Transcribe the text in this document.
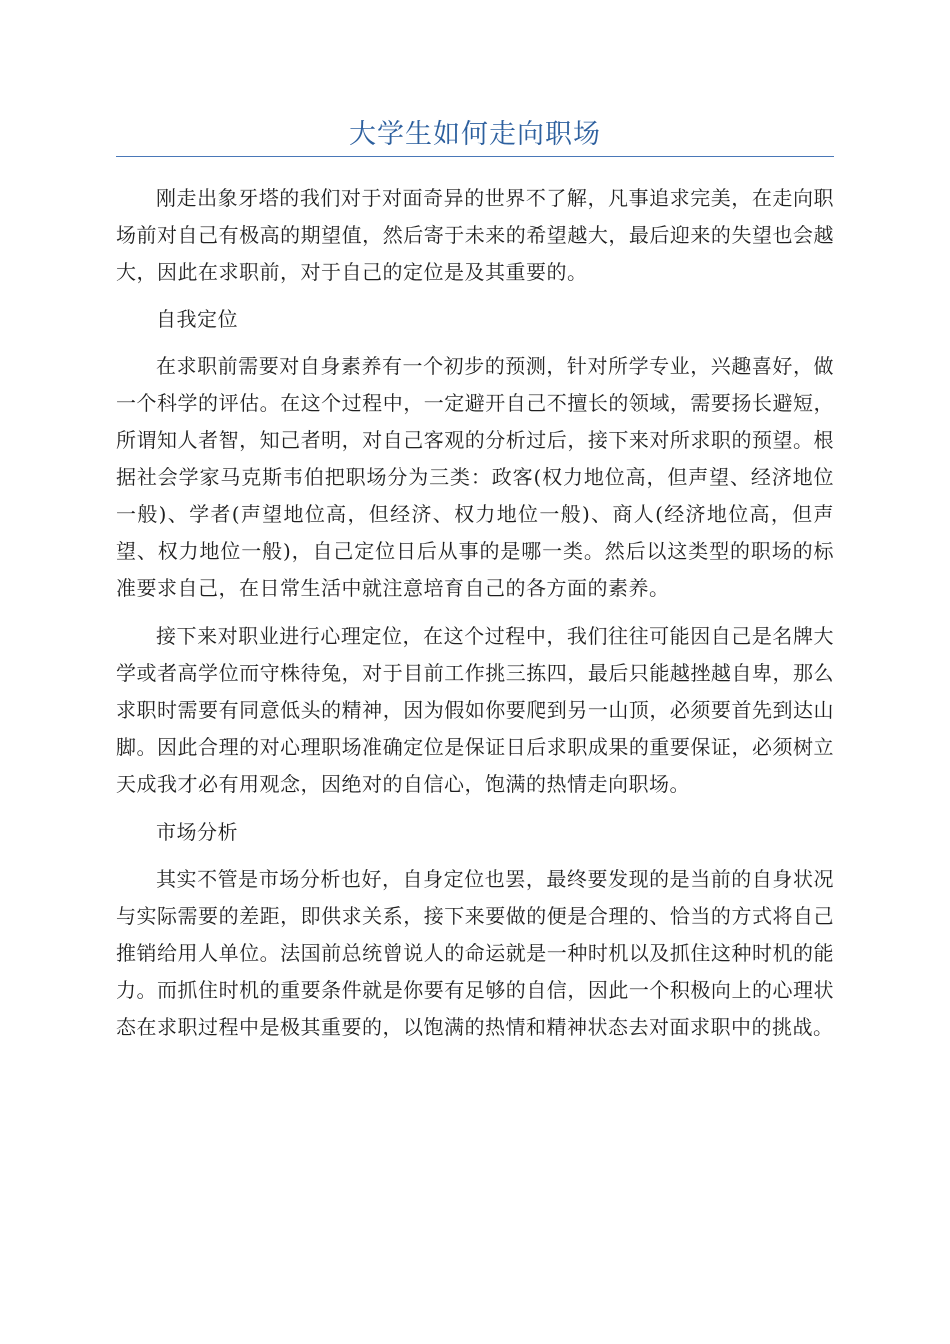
大学生如何走向职场

刚走出象牙塔的我们对于对面奇异的世界不了解，凡事追求完美，在走向职场前对自己有极高的期望值，然后寄于未来的希望越大，最后迎来的失望也会越大，因此在求职前，对于自己的定位是及其重要的。

自我定位

在求职前需要对自身素养有一个初步的预测，针对所学专业，兴趣喜好，做一个科学的评估。在这个过程中，一定避开自己不擅长的领域，需要扬长避短，所谓知人者智，知己者明，对自己客观的分析过后，接下来对所求职的预望。根据社会学家马克斯韦伯把职场分为三类：政客(权力地位高，但声望、经济地位一般)、学者(声望地位高，但经济、权力地位一般)、商人(经济地位高，但声望、权力地位一般)，自己定位日后从事的是哪一类。然后以这类型的职场的标准要求自己，在日常生活中就注意培育自己的各方面的素养。

接下来对职业进行心理定位，在这个过程中，我们往往可能因自己是名牌大学或者高学位而守株待兔，对于目前工作挑三拣四，最后只能越挫越自卑，那么求职时需要有同意低头的精神，因为假如你要爬到另一山顶，必须要首先到达山脚。因此合理的对心理职场准确定位是保证日后求职成果的重要保证，必须树立天成我才必有用观念，因绝对的自信心，饱满的热情走向职场。

市场分析

其实不管是市场分析也好，自身定位也罢，最终要发现的是当前的自身状况与实际需要的差距，即供求关系，接下来要做的便是合理的、恰当的方式将自己推销给用人单位。法国前总统曾说人的命运就是一种时机以及抓住这种时机的能力。而抓住时机的重要条件就是你要有足够的自信，因此一个积极向上的心理状态在求职过程中是极其重要的，以饱满的热情和精神状态去对面求职中的挑战。
